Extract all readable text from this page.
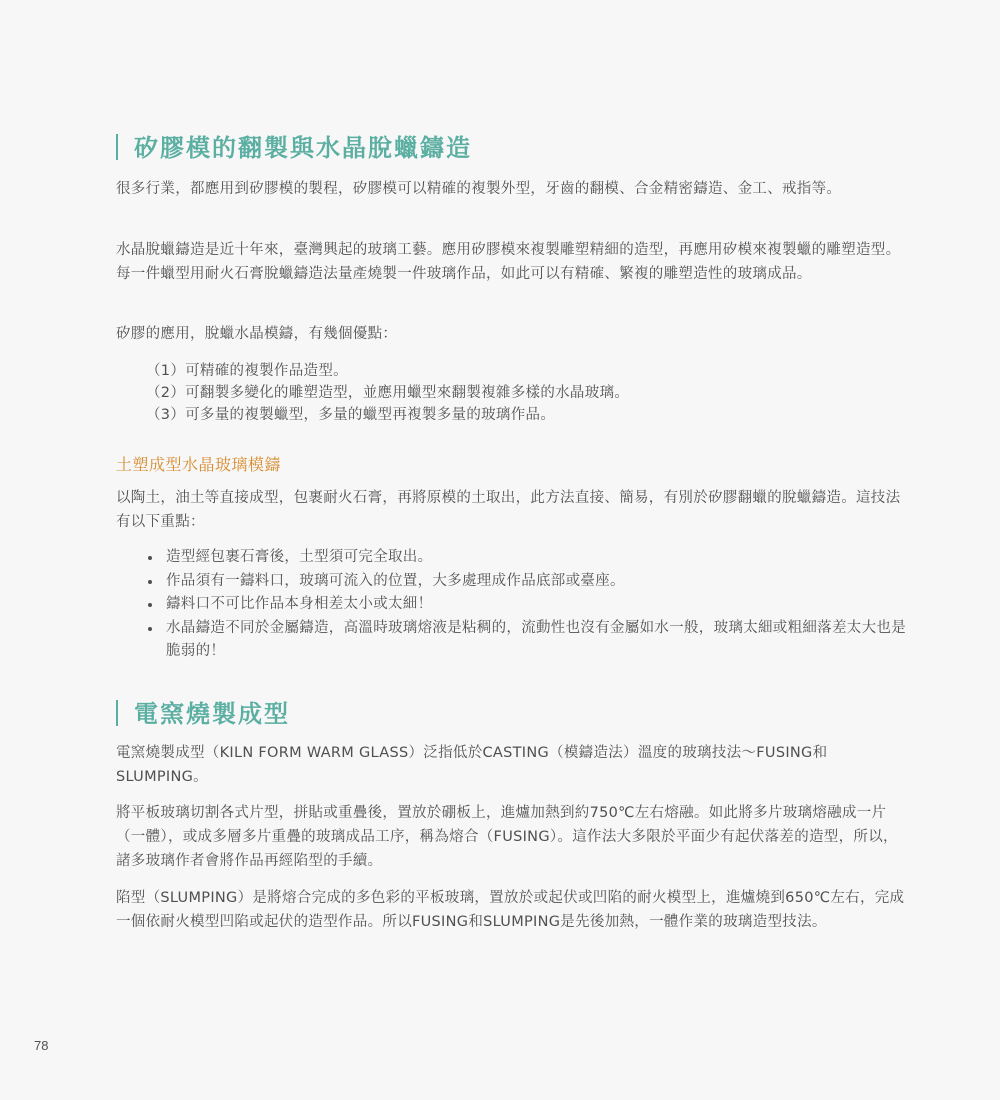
矽膠模的翻製與水晶脫蠟鑄造

很多行業，都應用到矽膠模的製程，矽膠模可以精確的複製外型，牙齒的翻模、合金精密鑄造、金工、戒指等。

水晶脫蠟鑄造是近十年來，臺灣興起的玻璃工藝。應用矽膠模來複製雕塑精細的造型，再應用矽模來複製蠟的雕塑造型。每一件蠟型用耐火石膏脫蠟鑄造法量產燒製一件玻璃作品，如此可以有精確、繁複的雕塑造性的玻璃成品。

矽膠的應用，脫蠟水晶模鑄，有幾個優點：

（1）可精確的複製作品造型。
（2）可翻製多變化的雕塑造型，並應用蠟型來翻製複雜多樣的水晶玻璃。
（3）可多量的複製蠟型，多量的蠟型再複製多量的玻璃作品。
土塑成型水晶玻璃模鑄

以陶土，油土等直接成型，包裹耐火石膏，再將原模的土取出，此方法直接、簡易，有別於矽膠翻蠟的脫蠟鑄造。這技法有以下重點：

造型經包裹石膏後，土型須可完全取出。
作品須有一鑄料口，玻璃可流入的位置，大多處理成作品底部或臺座。
鑄料口不可比作品本身相差太小或太細！
水晶鑄造不同於金屬鑄造，高溫時玻璃熔液是粘稠的，流動性也沒有金屬如水一般，玻璃太細或粗細落差太大也是脆弱的！
電窯燒製成型

電窯燒製成型（KILN FORM WARM GLASS）泛指低於CASTING（模鑄造法）溫度的玻璃技法～FUSING和SLUMPING。

將平板玻璃切割各式片型，拼貼或重疊後，置放於硼板上，進爐加熱到約750℃左右熔融。如此將多片玻璃熔融成一片（一體），或成多層多片重疊的玻璃成品工序，稱為熔合（FUSING）。這作法大多限於平面少有起伏落差的造型，所以，諸多玻璃作者會將作品再經陷型的手續。

陷型（SLUMPING）是將熔合完成的多色彩的平板玻璃，置放於或起伏或凹陷的耐火模型上，進爐燒到650℃左右，完成一個依耐火模型凹陷或起伏的造型作品。所以FUSING和SLUMPING是先後加熱，一體作業的玻璃造型技法。

78
